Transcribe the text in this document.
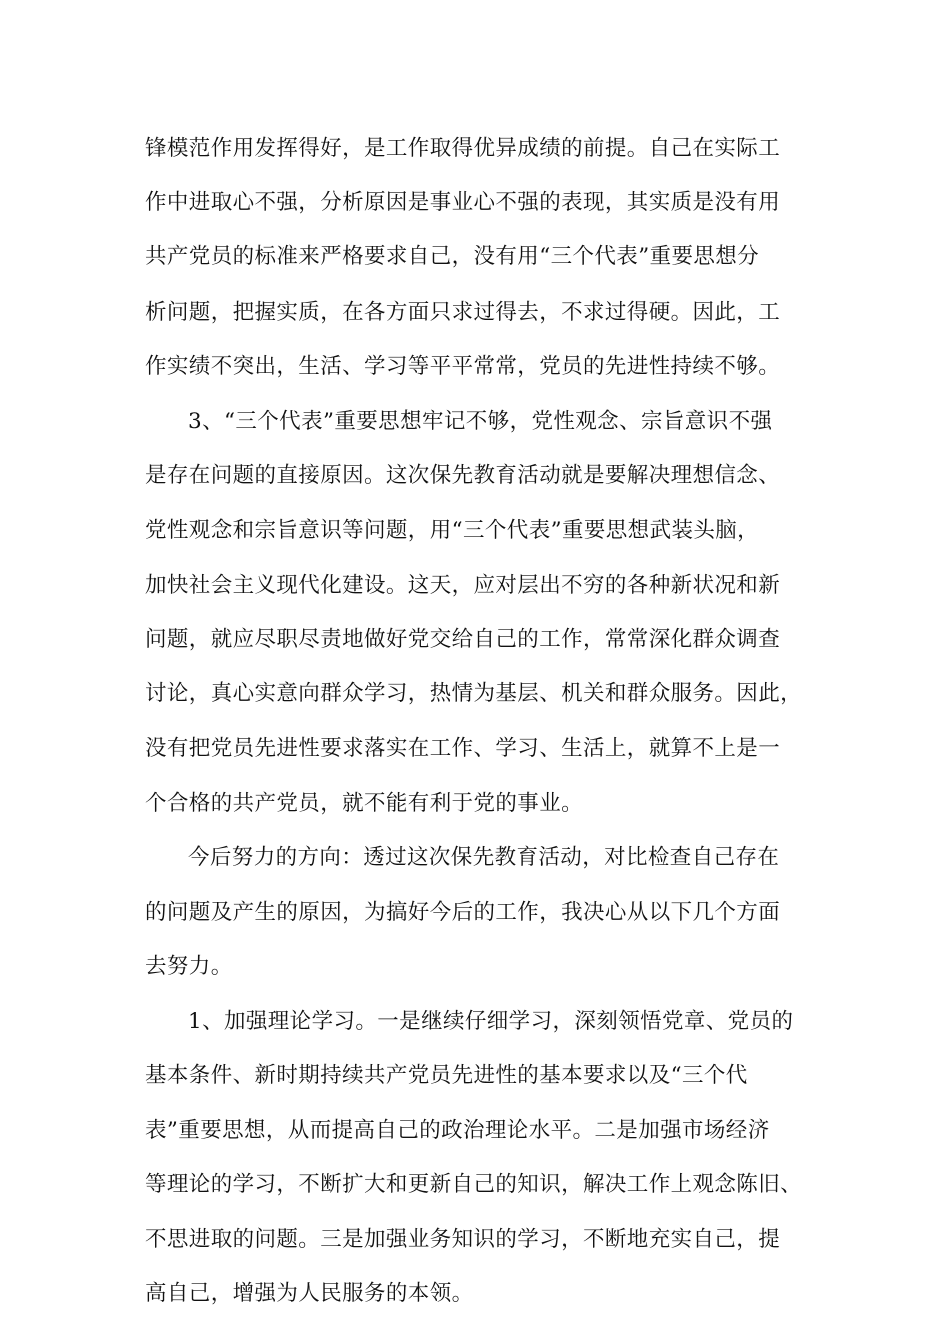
锋模范作用发挥得好，是工作取得优异成绩的前提。自己在实际工
作中进取心不强，分析原因是事业心不强的表现，其实质是没有用
共产党员的标准来严格要求自己，没有用“三个代表”重要思想分
析问题，把握实质，在各方面只求过得去，不求过得硬。因此，工
作实绩不突出，生活、学习等平平常常，党员的先进性持续不够。
3、“三个代表”重要思想牢记不够，党性观念、宗旨意识不强
是存在问题的直接原因。这次保先教育活动就是要解决理想信念、
党性观念和宗旨意识等问题，用“三个代表”重要思想武装头脑，
加快社会主义现代化建设。这天，应对层出不穷的各种新状况和新
问题，就应尽职尽责地做好党交给自己的工作，常常深化群众调查
讨论，真心实意向群众学习，热情为基层、机关和群众服务。因此，
没有把党员先进性要求落实在工作、学习、生活上，就算不上是一
个合格的共产党员，就不能有利于党的事业。
今后努力的方向：透过这次保先教育活动，对比检查自己存在
的问题及产生的原因，为搞好今后的工作，我决心从以下几个方面
去努力。
1、加强理论学习。一是继续仔细学习，深刻领悟党章、党员的
基本条件、新时期持续共产党员先进性的基本要求以及“三个代
表”重要思想，从而提高自己的政治理论水平。二是加强市场经济
等理论的学习，不断扩大和更新自己的知识，解决工作上观念陈旧、
不思进取的问题。三是加强业务知识的学习，不断地充实自己，提
高自己，增强为人民服务的本领。
